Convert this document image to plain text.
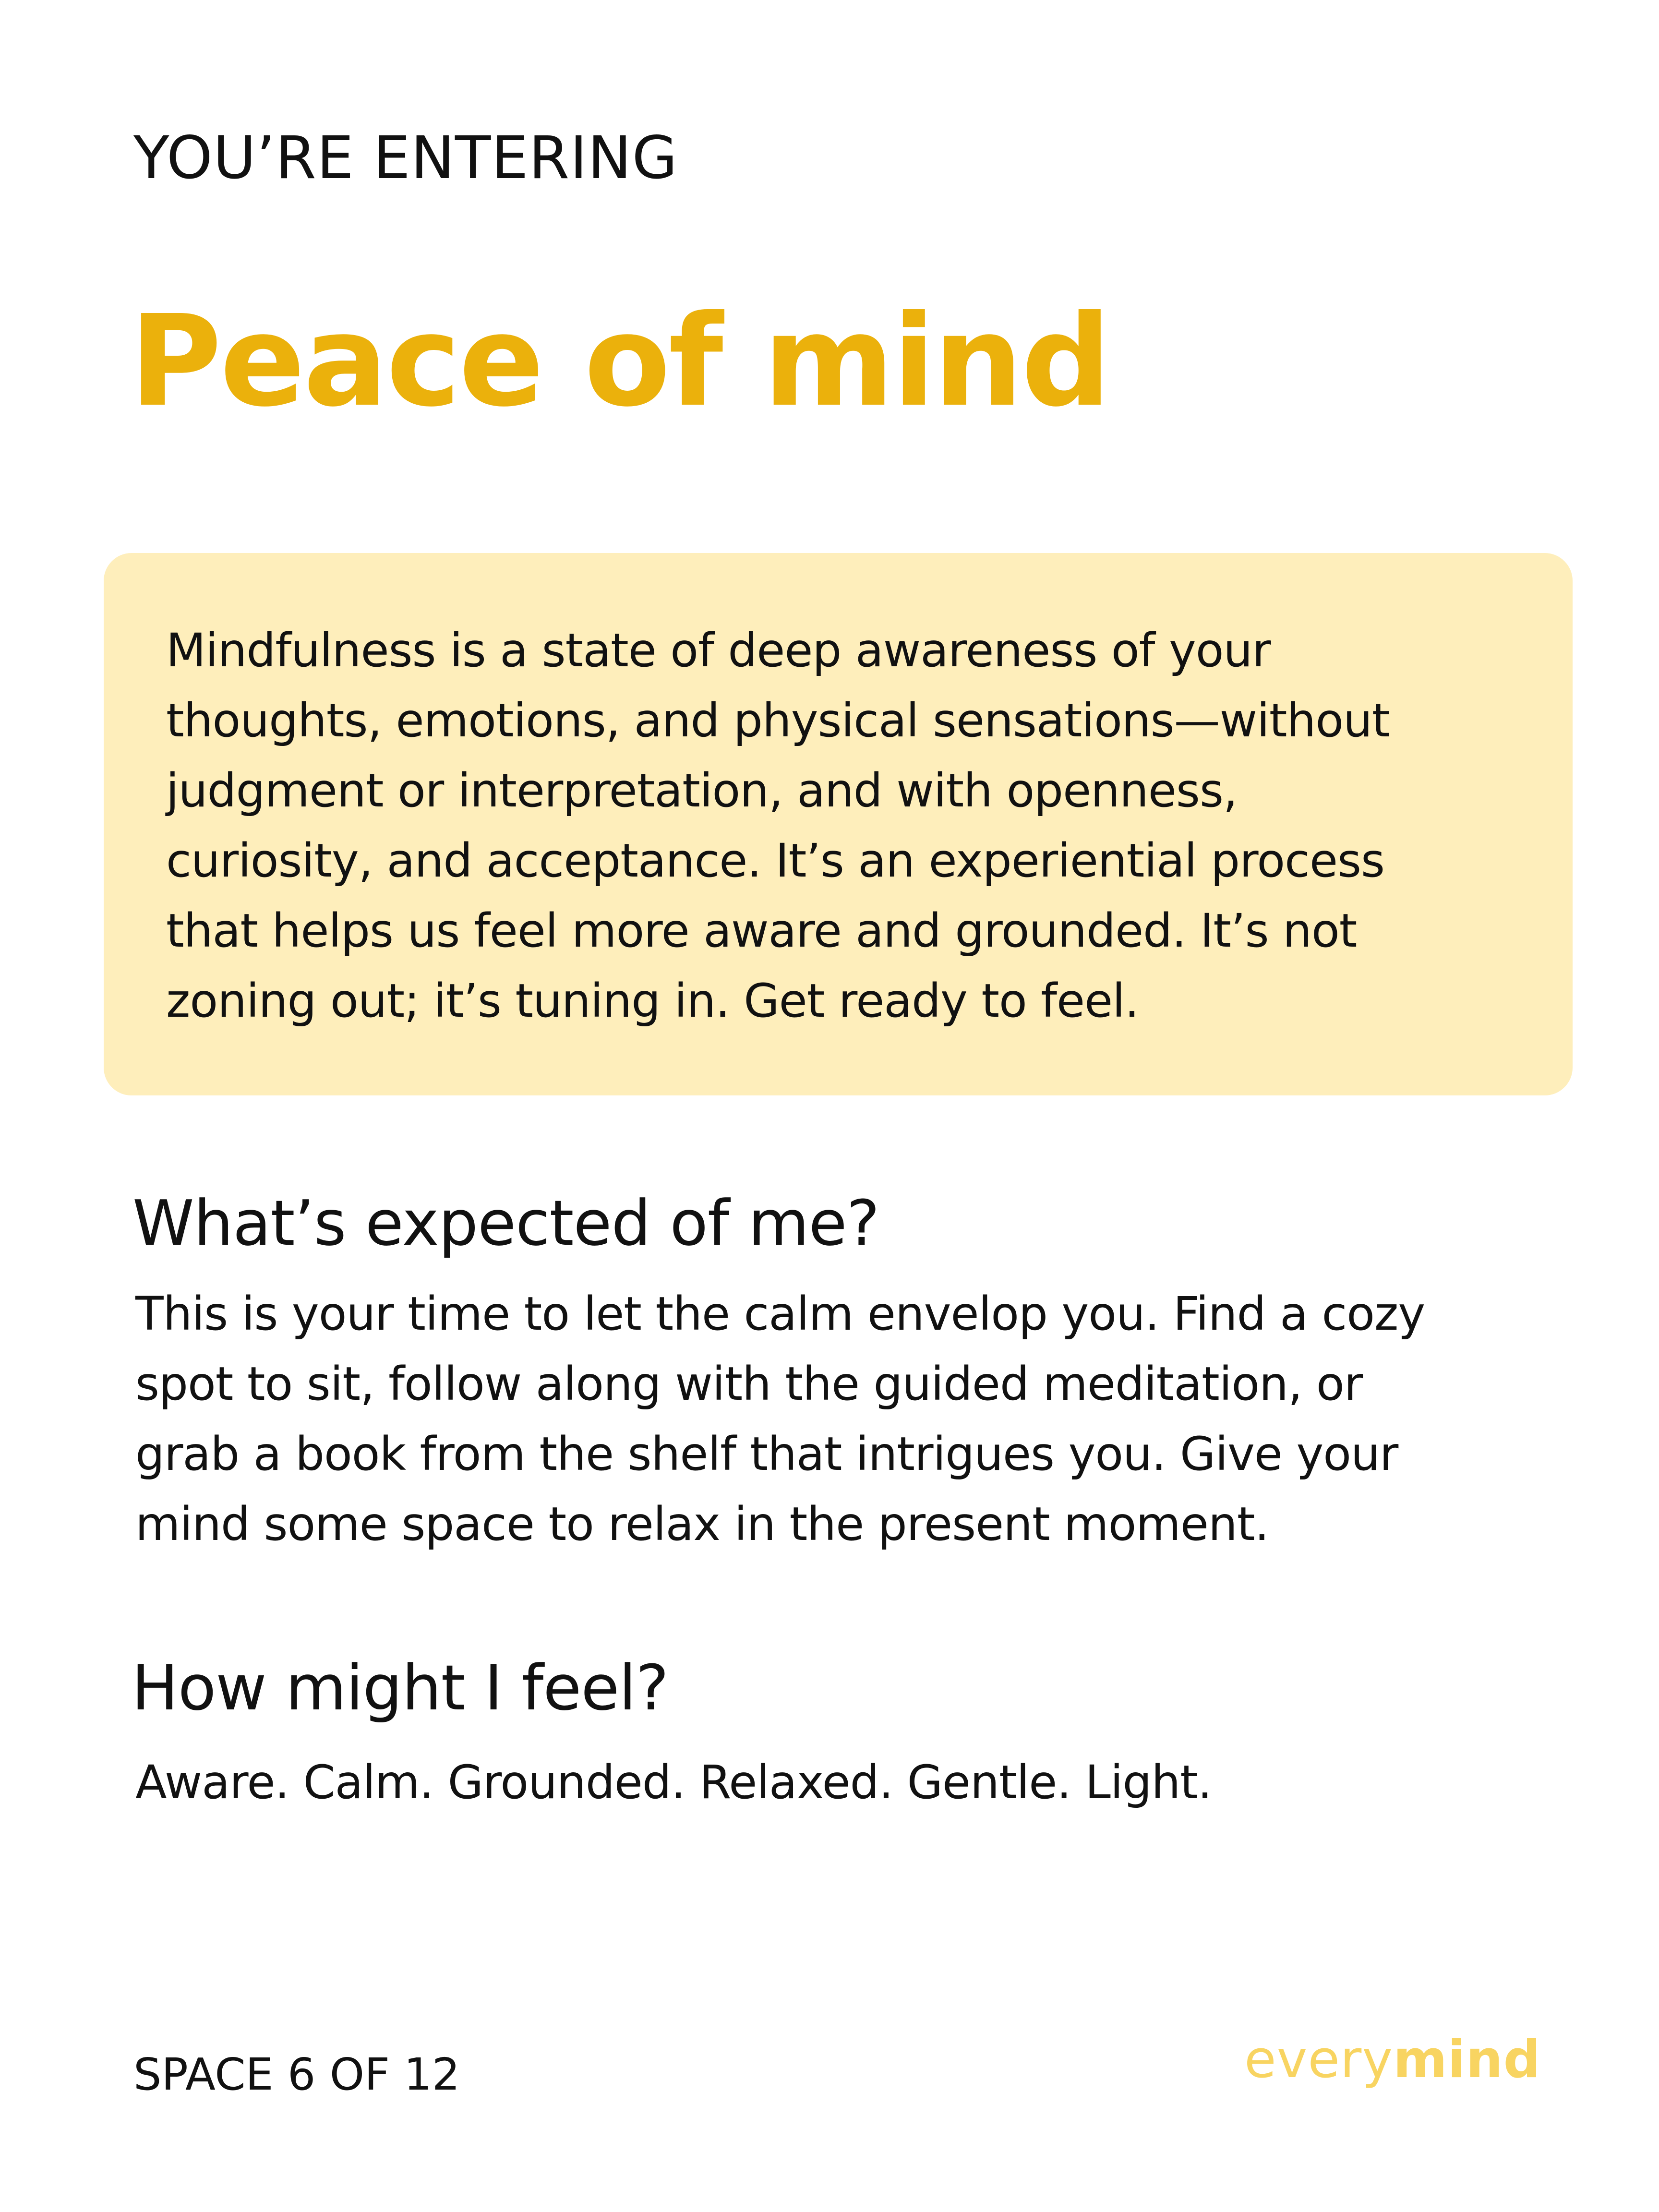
YOU’RE ENTERING
Peace of mind

Mindfulness is a state of deep awareness of your
thoughts, emotions, and physical sensations—without
judgment or interpretation, and with openness,
curiosity, and acceptance. It’s an experiential process
that helps us feel more aware and grounded. It’s not
zoning out; it’s tuning in. Get ready to feel.

What’s expected of me?

This is your time to let the calm envelop you. Find a cozy
spot to sit, follow along with the guided meditation, or
grab a book from the shelf that intrigues you. Give your
mind some space to relax in the present moment.

How might I feel?

Aware. Calm. Grounded. Relaxed. Gentle. Light.

SPACE 6 OF 12	everymind
